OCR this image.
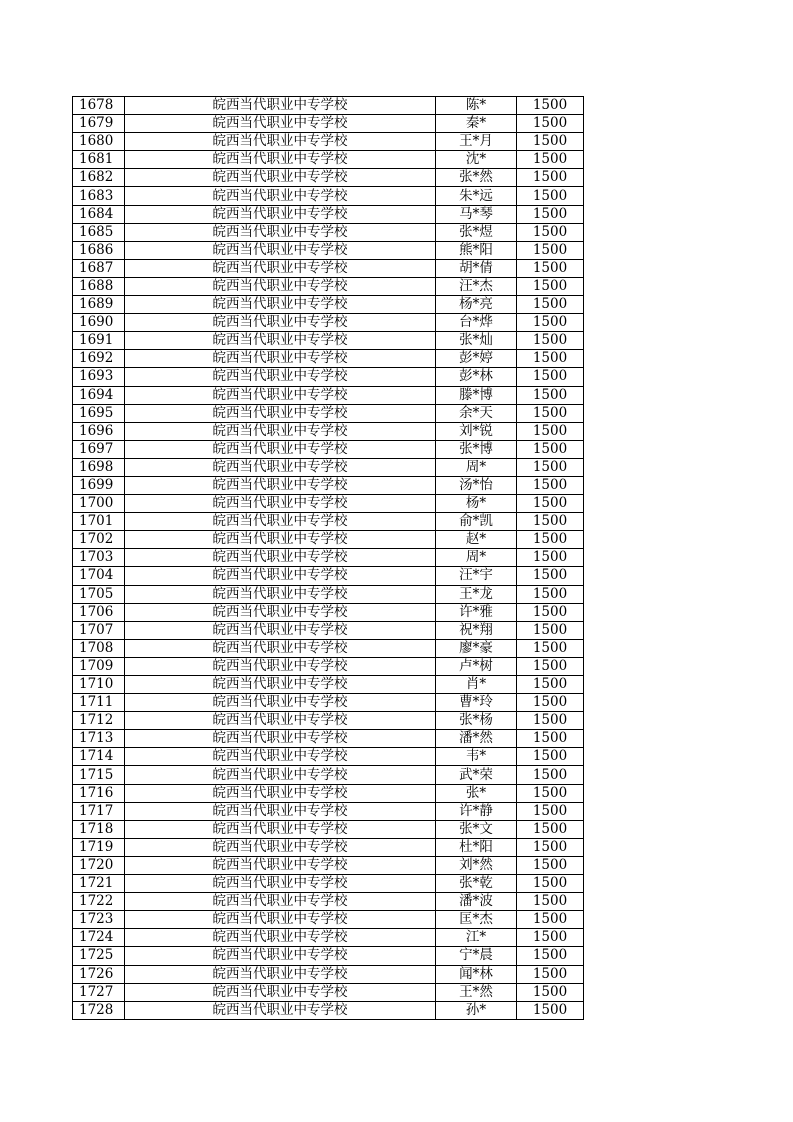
1678	皖西当代职业中专学校	陈*	1500
1679	皖西当代职业中专学校	秦*	1500
1680	皖西当代职业中专学校	王*月	1500
1681	皖西当代职业中专学校	沈*	1500
1682	皖西当代职业中专学校	张*然	1500
1683	皖西当代职业中专学校	朱*远	1500
1684	皖西当代职业中专学校	马*琴	1500
1685	皖西当代职业中专学校	张*煜	1500
1686	皖西当代职业中专学校	熊*阳	1500
1687	皖西当代职业中专学校	胡*倩	1500
1688	皖西当代职业中专学校	汪*杰	1500
1689	皖西当代职业中专学校	杨*亮	1500
1690	皖西当代职业中专学校	台*烨	1500
1691	皖西当代职业中专学校	张*灿	1500
1692	皖西当代职业中专学校	彭*婷	1500
1693	皖西当代职业中专学校	彭*林	1500
1694	皖西当代职业中专学校	滕*博	1500
1695	皖西当代职业中专学校	余*天	1500
1696	皖西当代职业中专学校	刘*锐	1500
1697	皖西当代职业中专学校	张*博	1500
1698	皖西当代职业中专学校	周*	1500
1699	皖西当代职业中专学校	汤*怡	1500
1700	皖西当代职业中专学校	杨*	1500
1701	皖西当代职业中专学校	俞*凯	1500
1702	皖西当代职业中专学校	赵*	1500
1703	皖西当代职业中专学校	周*	1500
1704	皖西当代职业中专学校	汪*宇	1500
1705	皖西当代职业中专学校	王*龙	1500
1706	皖西当代职业中专学校	许*雅	1500
1707	皖西当代职业中专学校	祝*翔	1500
1708	皖西当代职业中专学校	廖*豪	1500
1709	皖西当代职业中专学校	卢*树	1500
1710	皖西当代职业中专学校	肖*	1500
1711	皖西当代职业中专学校	曹*玲	1500
1712	皖西当代职业中专学校	张*杨	1500
1713	皖西当代职业中专学校	潘*然	1500
1714	皖西当代职业中专学校	韦*	1500
1715	皖西当代职业中专学校	武*荣	1500
1716	皖西当代职业中专学校	张*	1500
1717	皖西当代职业中专学校	许*静	1500
1718	皖西当代职业中专学校	张*文	1500
1719	皖西当代职业中专学校	杜*阳	1500
1720	皖西当代职业中专学校	刘*然	1500
1721	皖西当代职业中专学校	张*乾	1500
1722	皖西当代职业中专学校	潘*波	1500
1723	皖西当代职业中专学校	匡*杰	1500
1724	皖西当代职业中专学校	江*	1500
1725	皖西当代职业中专学校	宁*晨	1500
1726	皖西当代职业中专学校	闻*林	1500
1727	皖西当代职业中专学校	王*然	1500
1728	皖西当代职业中专学校	孙*	1500
